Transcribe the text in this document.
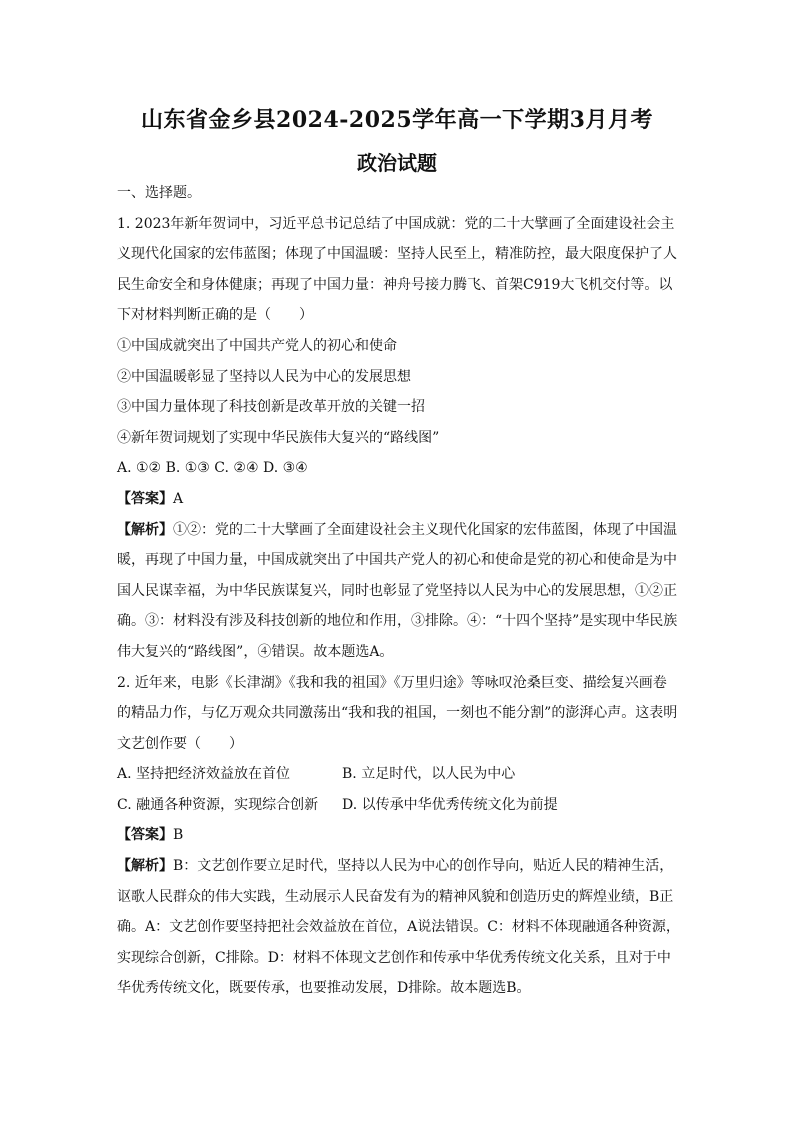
山东省金乡县2024-2025学年高一下学期3月月考
政治试题
一、选择题。
1. 2023年新年贺词中，习近平总书记总结了中国成就：党的二十大擘画了全面建设社会主
义现代化国家的宏伟蓝图；体现了中国温暖：坚持人民至上，精准防控，最大限度保护了人
民生命安全和身体健康；再现了中国力量：神舟号接力腾飞、首架C919大飞机交付等。以
下对材料判断正确的是（　　）
①中国成就突出了中国共产党人的初心和使命
②中国温暖彰显了坚持以人民为中心的发展思想
③中国力量体现了科技创新是改革开放的关键一招
④新年贺词规划了实现中华民族伟大复兴的“路线图”
A. ①② B. ①③ C. ②④ D. ③④
【答案】A
【解析】①②：党的二十大擘画了全面建设社会主义现代化国家的宏伟蓝图，体现了中国温
暖，再现了中国力量，中国成就突出了中国共产党人的初心和使命是党的初心和使命是为中
国人民谋幸福，为中华民族谋复兴，同时也彰显了党坚持以人民为中心的发展思想，①②正
确。③：材料没有涉及科技创新的地位和作用，③排除。④：“十四个坚持”是实现中华民族
伟大复兴的“路线图”，④错误。故本题选A。
2. 近年来，电影《长津湖》《我和我的祖国》《万里归途》等咏叹沧桑巨变、描绘复兴画卷
的精品力作，与亿万观众共同激荡出“我和我的祖国，一刻也不能分割”的澎湃心声。这表明
文艺创作要（　　）
A. 坚持把经济效益放在首位	B. 立足时代，以人民为中心
C. 融通各种资源，实现综合创新	D. 以传承中华优秀传统文化为前提
【答案】B
【解析】B：文艺创作要立足时代，坚持以人民为中心的创作导向，贴近人民的精神生活，
讴歌人民群众的伟大实践，生动展示人民奋发有为的精神风貌和创造历史的辉煌业绩，B正
确。A：文艺创作要坚持把社会效益放在首位，A说法错误。C：材料不体现融通各种资源，
实现综合创新，C排除。D：材料不体现文艺创作和传承中华优秀传统文化关系，且对于中
华优秀传统文化，既要传承，也要推动发展，D排除。故本题选B。
